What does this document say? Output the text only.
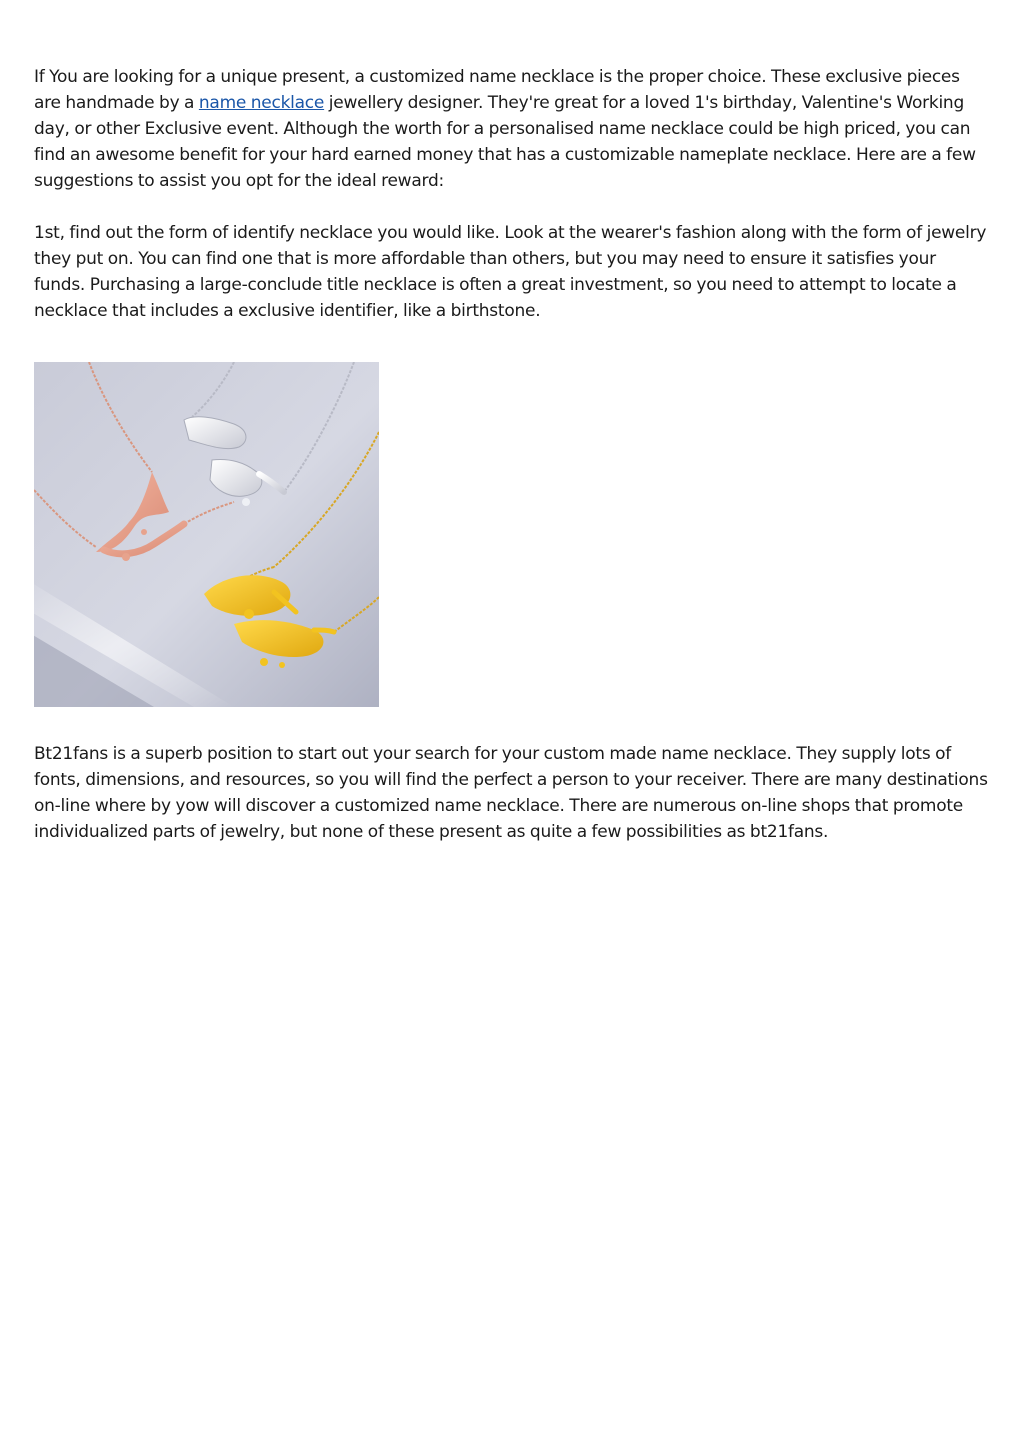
If You are looking for a unique present, a customized name necklace is the proper choice. These exclusive pieces are handmade by a name necklace jewellery designer. They're great for a loved 1's birthday, Valentine's Working day, or other Exclusive event. Although the worth for a personalised name necklace could be high priced, you can find an awesome benefit for your hard earned money that has a customizable nameplate necklace. Here are a few suggestions to assist you opt for the ideal reward:

1st, find out the form of identify necklace you would like. Look at the wearer's fashion along with the form of jewelry they put on. You can find one that is more affordable than others, but you may need to ensure it satisfies your funds. Purchasing a large-conclude title necklace is often a great investment, so you need to attempt to locate a necklace that includes a exclusive identifier, like a birthstone.

Bt21fans is a superb position to start out your search for your custom made name necklace. They supply lots of fonts, dimensions, and resources, so you will find the perfect a person to your receiver. There are many destinations on-line where by yow will discover a customized name necklace. There are numerous on-line shops that promote individualized parts of jewelry, but none of these present as quite a few possibilities as bt21fans.
